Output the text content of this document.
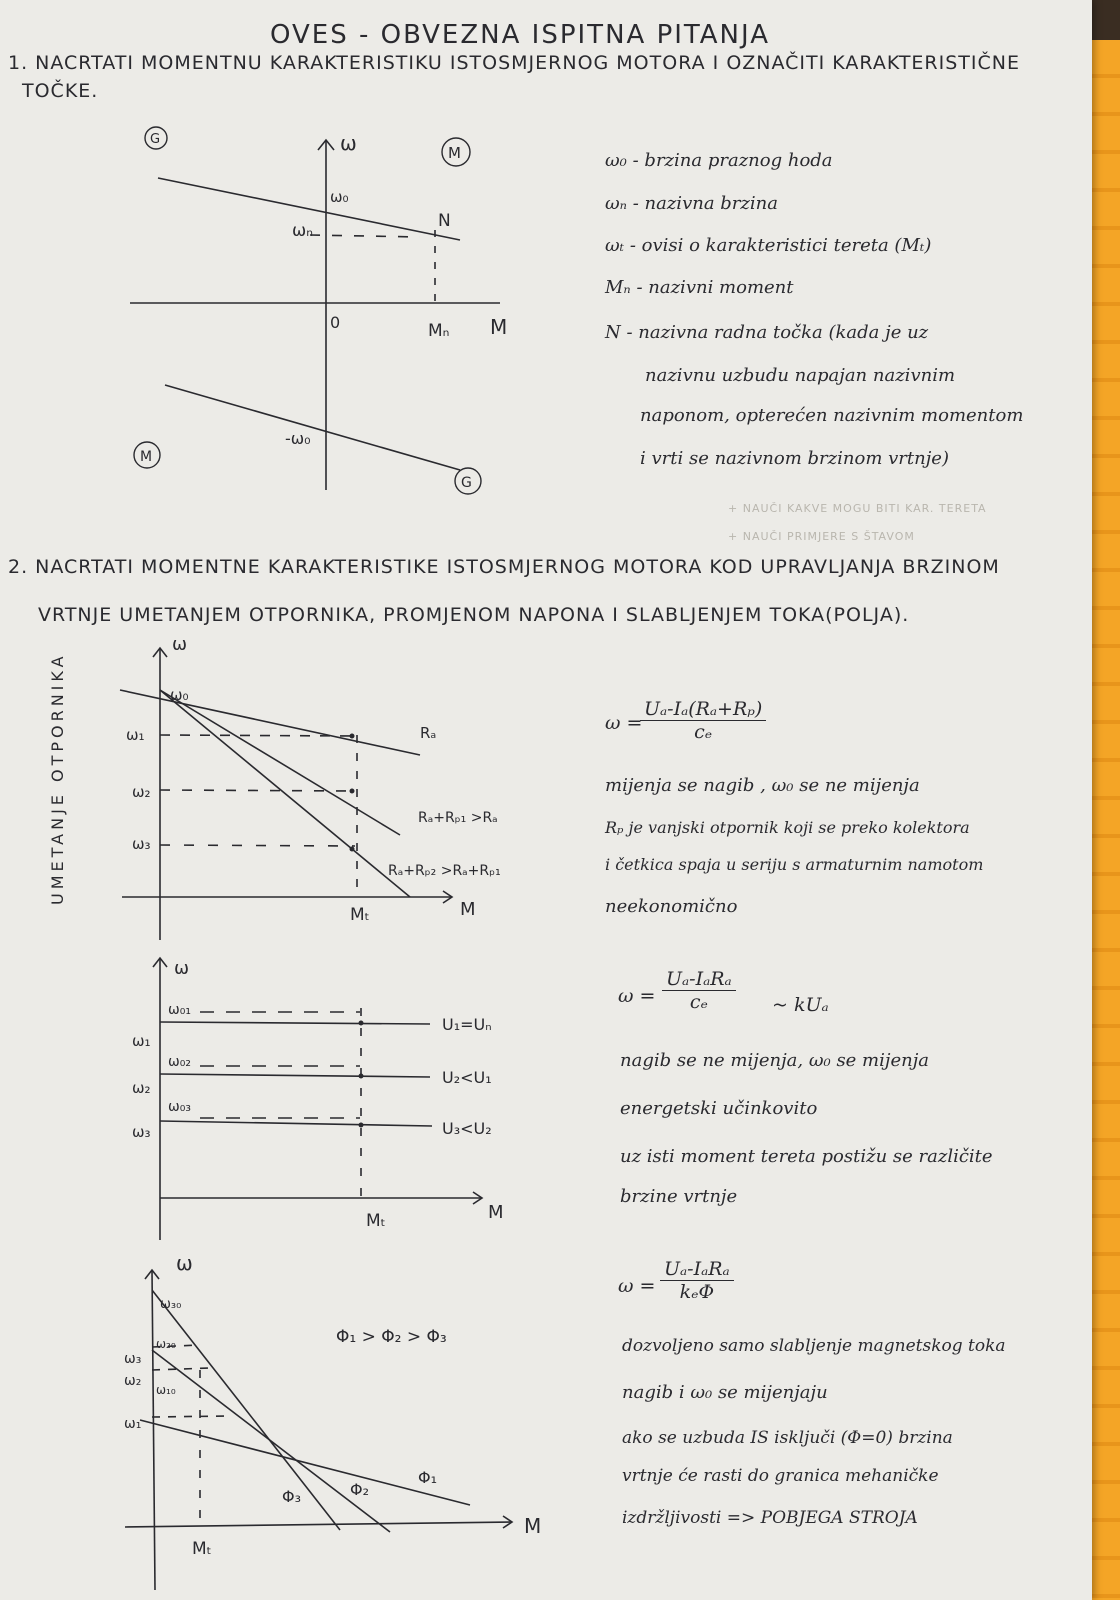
OVES - OBVEZNA ISPITNA PITANJA
1. NACRTATI MOMENTNU KARAKTERISTIKU ISTOSMJERNOG MOTORA I OZNAČITI KARAKTERISTIČNE
TOČKE.
G
M
M
G
ω
M
0
ω₀
ωₙ	N
Mₙ
-ω₀
ω₀ - brzina praznog hoda
ωₙ - nazivna brzina
ωₜ - ovisi o karakteristici tereta (Mₜ)
Mₙ - nazivni moment
N - nazivna radna točka (kada je uz
nazivnu uzbudu napajan nazivnim
naponom, opterećen nazivnim momentom
i vrti se nazivnom brzinom vrtnje)
+ NAUČI KAKVE MOGU BITI KAR. TERETA
+ NAUČI PRIMJERE S ŠTAVOM
2. NACRTATI MOMENTNE KARAKTERISTIKE ISTOSMJERNOG MOTORA KOD UPRAVLJANJA BRZINOM
VRTNJE UMETANJEM OTPORNIKA, PROMJENOM NAPONA I SLABLJENJEM TOKA(POLJA).
UMETANJE OTPORNIKA
ω
M
ω₀
ω₁
ω₂
ω₃
Mₜ
Rₐ
Rₐ+Rₚ₁ >Rₐ
Rₐ+Rₚ₂ >Rₐ+Rₚ₁
ω =
$\frac{\text{Uₐ-Iₐ(Rₐ+Rₚ)}}{\text{cₑ}}$
mijenja se nagib , ω₀ se ne mijenja
Rₚ je vanjski otpornik koji se preko kolektora
i četkica spaja u seriju s armaturnim namotom
neekonomično
ω
M
ω₀₁
ω₀₂
ω₀₃
ω₁
ω₂
ω₃
U₁=Uₙ
U₂<U₁
U₃<U₂
Mₜ
ω =
Uₐ-IₐRₐ
cₑ	~ kUₐ
nagib se ne mijenja, ω₀ se mijenja
energetski učinkovito
uz isti moment tereta postižu se različite
brzine vrtnje
ω
M
ω₃₀
ω₂₀
ω₁₀
ω₃
ω₂
ω₁
Φ₁ > Φ₂ > Φ₃
Φ₁
Φ₂
Φ₃
Mₜ
ω =
Uₐ-IₐRₐ
kₑΦ
dozvoljeno samo slabljenje magnetskog toka
nagib i ω₀ se mijenjaju
ako se uzbuda IS isključi (Φ=0) brzina
vrtnje će rasti do granica mehaničke
izdržljivosti => POBJEGA STROJA
